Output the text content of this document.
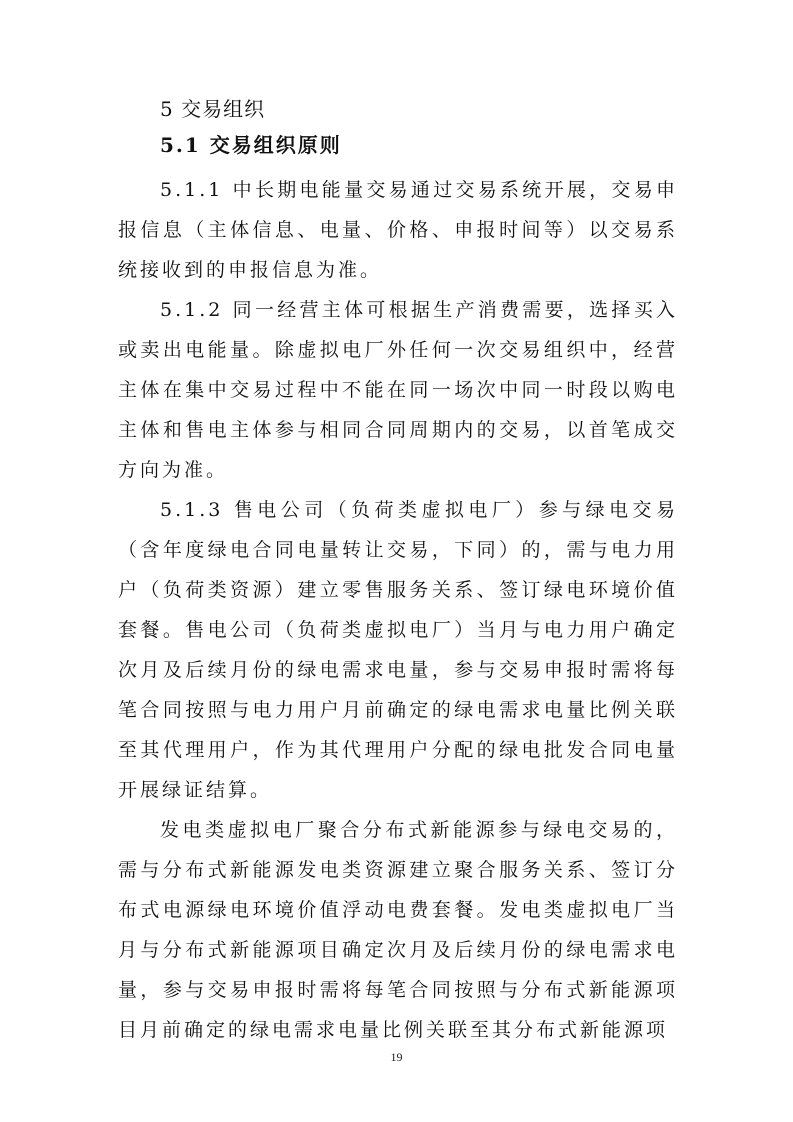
5 交易组织
5.1 交易组织原则

5.1.1 中长期电能量交易通过交易系统开展，交易申报信息（主体信息、电量、价格、申报时间等）以交易系统接收到的申报信息为准。

5.1.2 同一经营主体可根据生产消费需要，选择买入或卖出电能量。除虚拟电厂外任何一次交易组织中，经营主体在集中交易过程中不能在同一场次中同一时段以购电主体和售电主体参与相同合同周期内的交易，以首笔成交方向为准。

5.1.3 售电公司（负荷类虚拟电厂）参与绿电交易（含年度绿电合同电量转让交易，下同）的，需与电力用户（负荷类资源）建立零售服务关系、签订绿电环境价值套餐。售电公司（负荷类虚拟电厂）当月与电力用户确定次月及后续月份的绿电需求电量，参与交易申报时需将每笔合同按照与电力用户月前确定的绿电需求电量比例关联至其代理用户，作为其代理用户分配的绿电批发合同电量开展绿证结算。

发电类虚拟电厂聚合分布式新能源参与绿电交易的，需与分布式新能源发电类资源建立聚合服务关系、签订分布式电源绿电环境价值浮动电费套餐。发电类虚拟电厂当月与分布式新能源项目确定次月及后续月份的绿电需求电量，参与交易申报时需将每笔合同按照与分布式新能源项目月前确定的绿电需求电量比例关联至其分布式新能源项

19
